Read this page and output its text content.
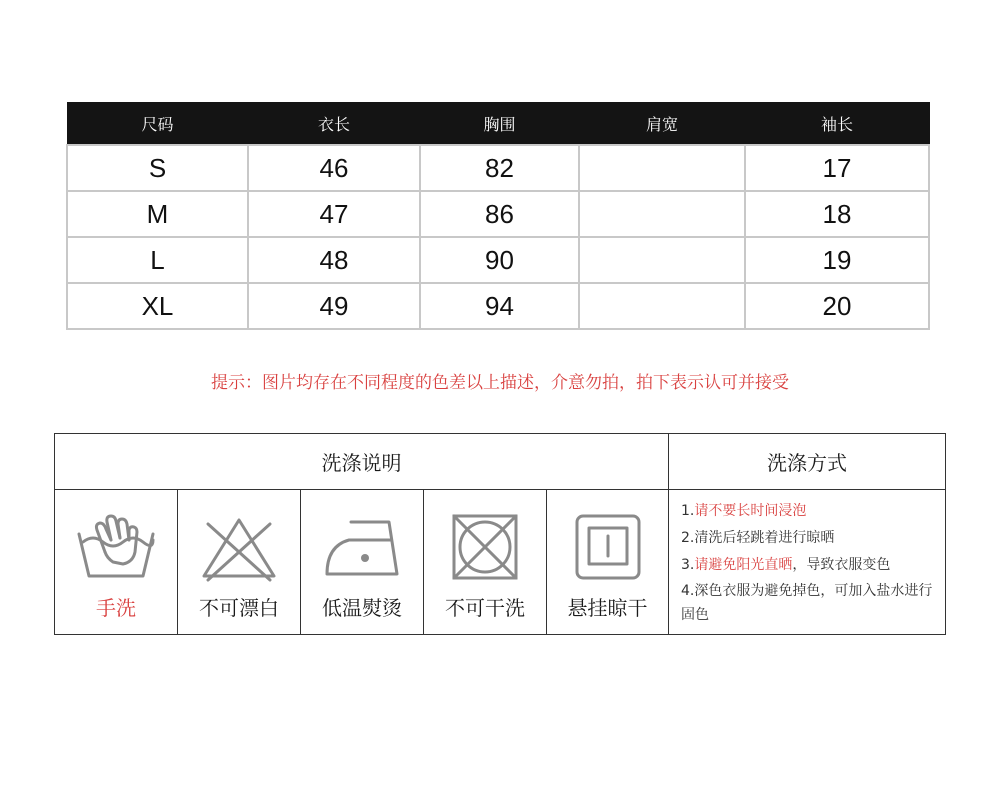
尺码	衣长	胸围	肩宽	袖长
S	46	82		17
M	47	86		18
L	48	90		19
XL	49	94		20
提示：图片均存在不同程度的色差以上描述，介意勿拍，拍下表示认可并接受
洗涤说明	洗涤方式
手洗	不可漂白	低温熨烫	不可干洗	悬挂晾干
1.请不要长时间浸泡
2.清洗后轻跳着进行晾晒
3.请避免阳光直晒，导致衣服变色
4.深色衣服为避免掉色，可加入盐水进行固色
